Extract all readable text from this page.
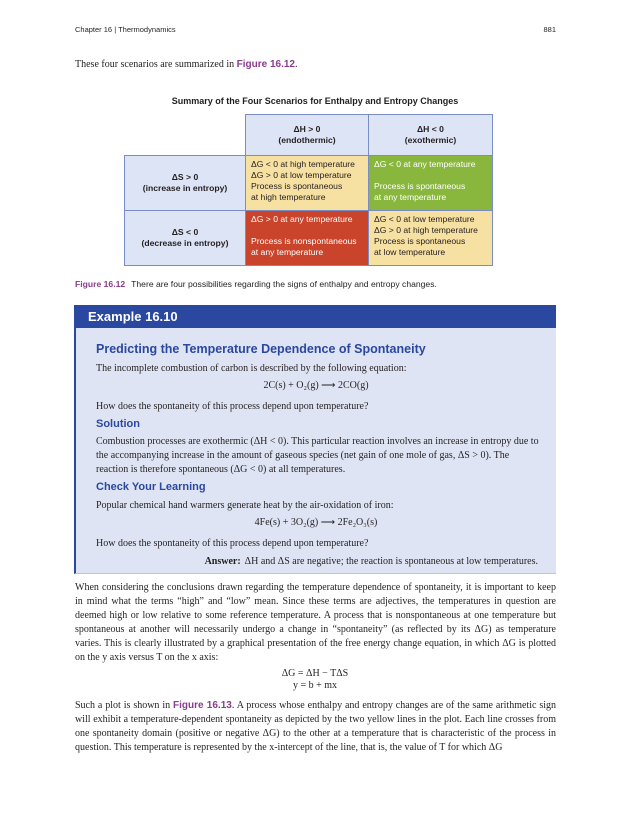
Chapter 16 | Thermodynamics	881
These four scenarios are summarized in Figure 16.12.
Summary of the Four Scenarios for Enthalpy and Entropy Changes
ΔH > 0
(endothermic)
ΔH < 0
(exothermic)
ΔS > 0
(increase in entropy)
ΔS < 0
(decrease in entropy)
ΔG < 0 at high temperature
ΔG > 0 at low temperature
Process is spontaneous
at high temperature
ΔG < 0 at any temperature
Process is spontaneous
at any temperature
ΔG > 0 at any temperature
Process is nonspontaneous
at any temperature
ΔG < 0 at low temperature
ΔG > 0 at high temperature
Process is spontaneous
at low temperature
Figure 16.12 There are four possibilities regarding the signs of enthalpy and entropy changes.
Example 16.10
Predicting the Temperature Dependence of Spontaneity
The incomplete combustion of carbon is described by the following equation:
2C(s) + O₂(g) ⟶ 2CO(g)
How does the spontaneity of this process depend upon temperature?
Solution
Combustion processes are exothermic (ΔH < 0). This particular reaction involves an increase in entropy due to the accompanying increase in the amount of gaseous species (net gain of one mole of gas, ΔS > 0). The reaction is therefore spontaneous (ΔG < 0) at all temperatures.
Check Your Learning
Popular chemical hand warmers generate heat by the air-oxidation of iron:
4Fe(s) + 3O₂(g) ⟶ 2Fe₂O₃(s)
How does the spontaneity of this process depend upon temperature?
Answer: ΔH and ΔS are negative; the reaction is spontaneous at low temperatures.
When considering the conclusions drawn regarding the temperature dependence of spontaneity, it is important to keep in mind what the terms “high” and “low” mean. Since these terms are adjectives, the temperatures in question are deemed high or low relative to some reference temperature. A process that is nonspontaneous at one temperature but spontaneous at another will necessarily undergo a change in “spontaneity” (as reflected by its ΔG) as temperature varies. This is clearly illustrated by a graphical presentation of the free energy change equation, in which ΔG is plotted on the y axis versus T on the x axis:
ΔG = ΔH − TΔS
y = b + mx
Such a plot is shown in Figure 16.13. A process whose enthalpy and entropy changes are of the same arithmetic sign will exhibit a temperature-dependent spontaneity as depicted by the two yellow lines in the plot. Each line crosses from one spontaneity domain (positive or negative ΔG) to the other at a temperature that is characteristic of the process in question. This temperature is represented by the x-intercept of the line, that is, the value of T for which ΔG
